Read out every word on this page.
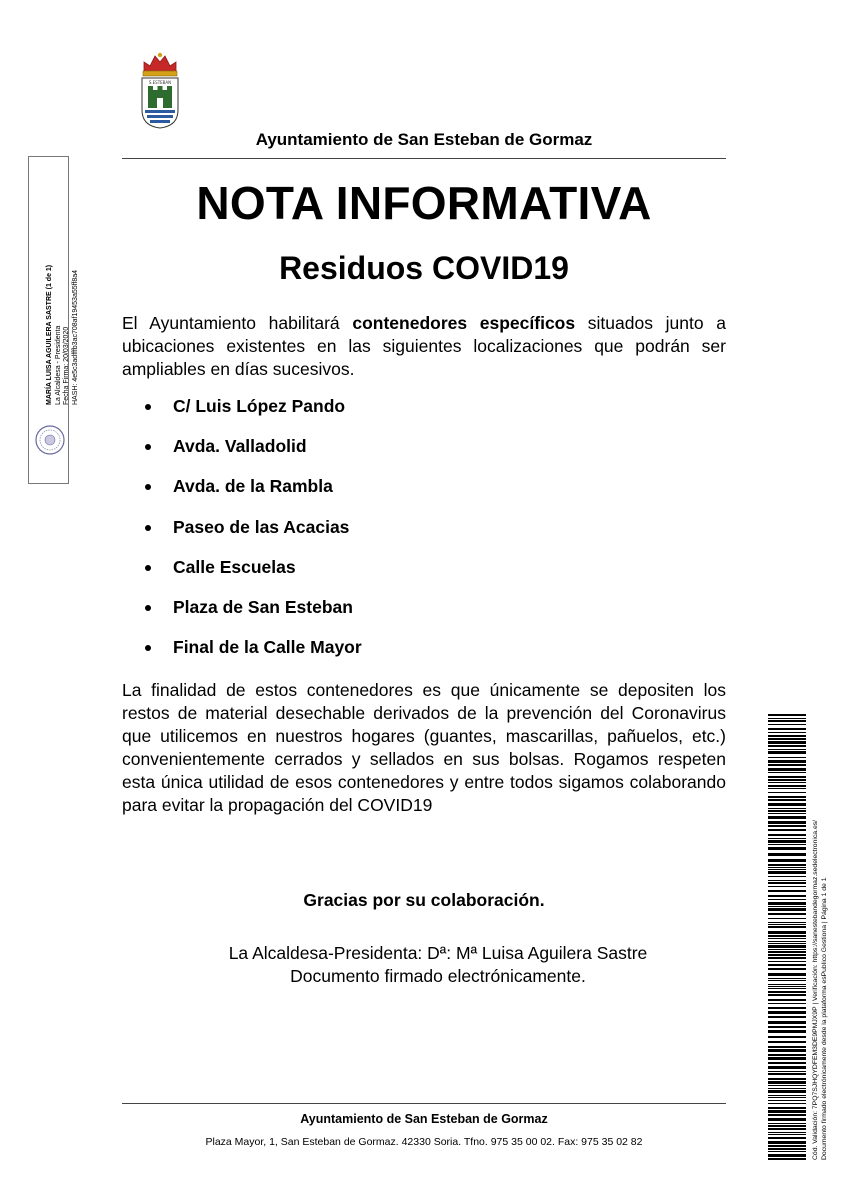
S.ESTEBAN
Ayuntamiento de San Esteban de Gormaz
NOTA INFORMATIVA
Residuos COVID19
El Ayuntamiento habilitará contenedores específicos situados junto a ubicaciones existentes en las siguientes localizaciones que podrán ser ampliables en días sucesivos.
C/ Luis López Pando
Avda. Valladolid
Avda. de la Rambla
Paseo de las Acacias
Calle Escuelas
Plaza de San Esteban
Final de la Calle Mayor
La finalidad de estos contenedores es que únicamente se depositen los restos de material desechable derivados de la prevención del Coronavirus que utilicemos en nuestros hogares (guantes, mascarillas, pañuelos, etc.) convenientemente cerrados y sellados en sus bolsas. Rogamos respeten esta única utilidad de esos contenedores y entre todos sigamos colaborando para evitar la propagación del COVID19
Gracias por su colaboración.
La Alcaldesa-Presidenta: Dª: Mª Luisa Aguilera Sastre
Documento firmado electrónicamente.
Ayuntamiento de San Esteban de Gormaz
Plaza Mayor, 1, San Esteban de Gormaz. 42330 Soria. Tfno. 975 35 00 02. Fax: 975 35 02 82
MARÍA LUISA AGUILERA SASTRE (1 de 1) La Alcaldesa - Presidenta Fecha Firma: 20/03/2020 HASH: 4e5c3adfffb3ac708af19453a55ff8a4
Cód. Validación: 7PQ7SJHQYDFEM3DE9PMJX9P | Verificación: https://sanestebandegormaz.sedelectronica.es/ Documento firmado electrónicamente desde la plataforma esPublico Gestiona | Página 1 de 1
